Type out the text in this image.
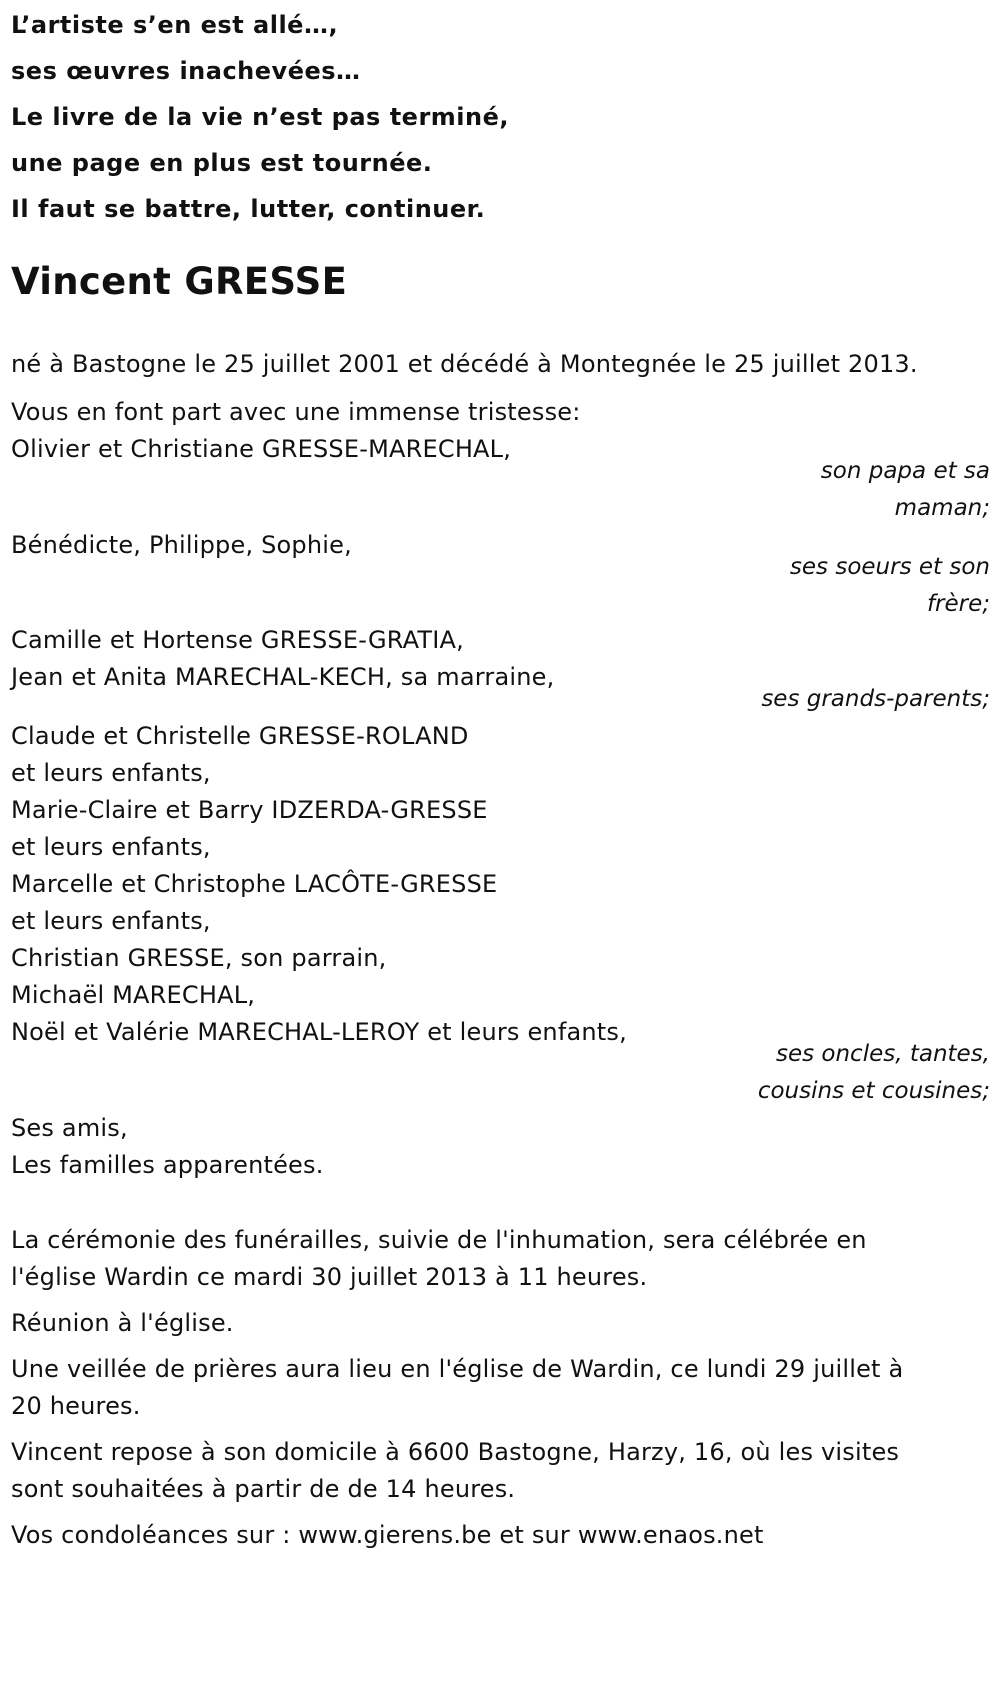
L’artiste s’en est allé…,

ses œuvres inachevées…

Le livre de la vie n’est pas terminé,

une page en plus est tournée.

Il faut se battre, lutter, continuer.

Vincent GRESSE

né à Bastogne le 25 juillet 2001 et décédé à Montegnée le 25 juillet 2013.

Vous en font part avec une immense tristesse:

Olivier et Christiane GRESSE-MARECHAL,

son papa et sa

maman;

Bénédicte, Philippe, Sophie,

ses soeurs et son

frère;

Camille et Hortense GRESSE-GRATIA,

Jean et Anita MARECHAL-KECH, sa marraine,

ses grands-parents;

Claude et Christelle GRESSE-ROLAND

et leurs enfants,

Marie-Claire et Barry IDZERDA-GRESSE

et leurs enfants,

Marcelle et Christophe LACÔTE-GRESSE

et leurs enfants,

Christian GRESSE, son parrain,

Michaël MARECHAL,

Noël et Valérie MARECHAL-LEROY et leurs enfants,

ses oncles, tantes,

cousins et cousines;

Ses amis,

Les familles apparentées.

La cérémonie des funérailles, suivie de l'inhumation, sera célébrée en

l'église Wardin ce mardi 30 juillet 2013 à 11 heures.

Réunion à l'église.

Une veillée de prières aura lieu en l'église de Wardin, ce lundi 29 juillet à

20 heures.

Vincent repose à son domicile à 6600 Bastogne, Harzy, 16, où les visites

sont souhaitées à partir de de 14 heures.

Vos condoléances sur : www.gierens.be et sur www.enaos.net
